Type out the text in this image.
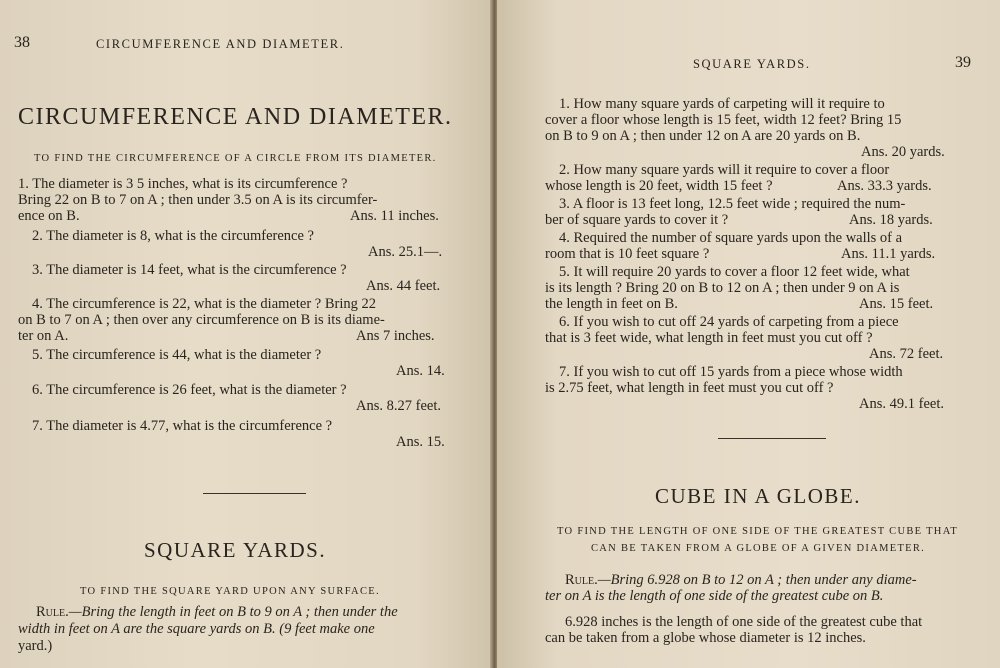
38	CIRCUMFERENCE AND DIAMETER.
CIRCUMFERENCE AND DIAMETER.
TO FIND THE CIRCUMFERENCE OF A CIRCLE FROM ITS DIAMETER.
1. The diameter is 3 5 inches, what is its circumference ?
Bring 22 on B to 7 on A ; then under 3.5 on A is its circumfer-
ence on B.	Ans. 11 inches.
2. The diameter is 8, what is the circumference ?
Ans. 25.1—.
3. The diameter is 14 feet, what is the circumference ?
Ans. 44 feet.
4. The circumference is 22, what is the diameter ? Bring 22
on B to 7 on A ; then over any circumference on B is its diame-
ter on A.	Ans 7 inches.
5. The circumference is 44, what is the diameter ?
Ans. 14.
6. The circumference is 26 feet, what is the diameter ?
Ans. 8.27 feet.
7. The diameter is 4.77, what is the circumference ?
Ans. 15.
SQUARE YARDS.
TO FIND THE SQUARE YARD UPON ANY SURFACE.
Rule.—Bring the length in feet on B to 9 on A ; then under the
width in feet on A are the square yards on B. (9 feet make one
yard.)
SQUARE YARDS.	39
1. How many square yards of carpeting will it require to
cover a floor whose length is 15 feet, width 12 feet? Bring 15
on B to 9 on A ; then under 12 on A are 20 yards on B.
Ans. 20 yards.
2. How many square yards will it require to cover a floor
whose length is 20 feet, width 15 feet ?	Ans. 33.3 yards.
3. A floor is 13 feet long, 12.5 feet wide ; required the num-
ber of square yards to cover it ?	Ans. 18 yards.
4. Required the number of square yards upon the walls of a
room that is 10 feet square ?	Ans. 11.1 yards.
5. It will require 20 yards to cover a floor 12 feet wide, what
is its length ? Bring 20 on B to 12 on A ; then under 9 on A is
the length in feet on B.	Ans. 15 feet.
6. If you wish to cut off 24 yards of carpeting from a piece
that is 3 feet wide, what length in feet must you cut off ?
Ans. 72 feet.
7. If you wish to cut off 15 yards from a piece whose width
is 2.75 feet, what length in feet must you cut off ?
Ans. 49.1 feet.
CUBE IN A GLOBE.
TO FIND THE LENGTH OF ONE SIDE OF THE GREATEST CUBE THAT
CAN BE TAKEN FROM A GLOBE OF A GIVEN DIAMETER.
Rule.—Bring 6.928 on B to 12 on A ; then under any diame-
ter on A is the length of one side of the greatest cube on B.
6.928 inches is the length of one side of the greatest cube that
can be taken from a globe whose diameter is 12 inches.
